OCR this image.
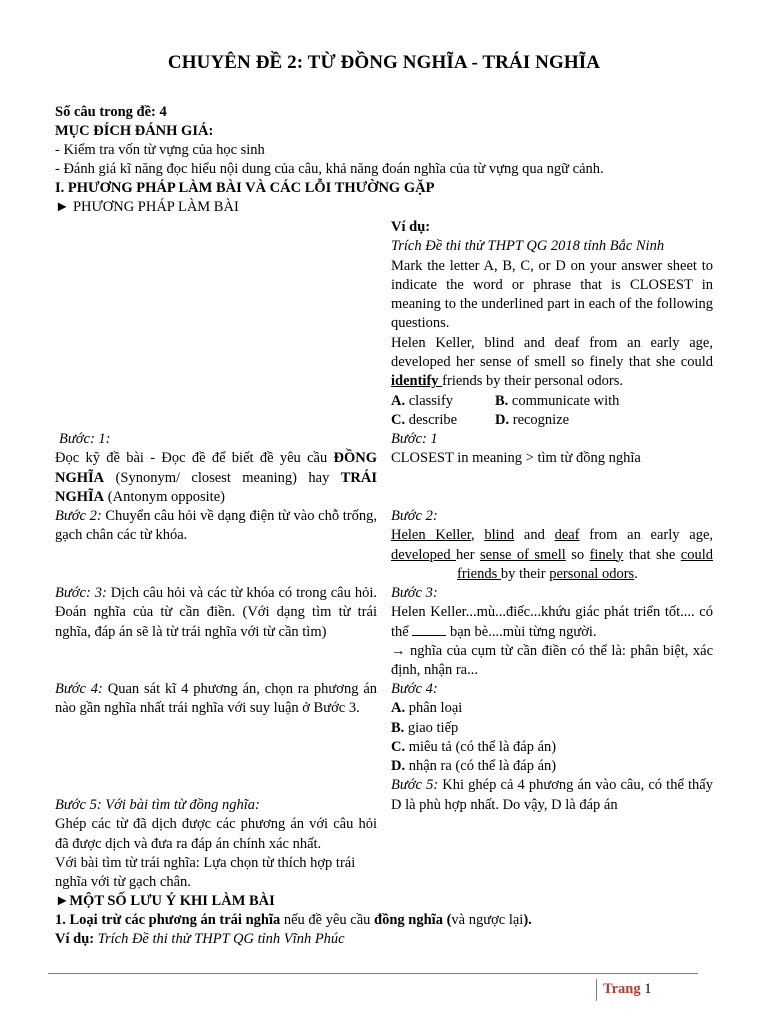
CHUYÊN ĐỀ 2: TỪ ĐỒNG NGHĨA - TRÁI NGHĨA
Số câu trong đề: 4
MỤC ĐÍCH ĐÁNH GIÁ:
- Kiểm tra vốn từ vựng của học sinh
- Đánh giá kĩ năng đọc hiểu nội dung của câu, khả năng đoán nghĩa của từ vựng qua ngữ cảnh.
I. PHƯƠNG PHÁP LÀM BÀI VÀ CÁC LỖI THƯỜNG GẶP
► PHƯƠNG PHÁP LÀM BÀI
Ví dụ:
Trích Đề thi thử THPT QG 2018 tỉnh Bắc Ninh
Mark the letter A, B, C, or D on your answer sheet to indicate the word or phrase that is CLOSEST in meaning to the underlined part in each of the following questions.
Helen Keller, blind and deaf from an early age, developed her sense of smell so finely that she could identify friends by their personal odors.
A. classify	B. communicate with
C. describe	D. recognize
Bước: 1:
Đọc kỹ đề bài - Đọc đề để biết đề yêu cầu ĐỒNG NGHĨA (Synonym/ closest meaning) hay TRÁI NGHĨA (Antonym opposite)
Bước: 1
CLOSEST in meaning > tìm từ đồng nghĩa
Bước 2: Chuyển câu hỏi về dạng điện từ vào chỗ trống, gạch chân các từ khóa.
Bước 2:
Helen Keller, blind and deaf from an early age, developed her sense of smell so finely that she couldfriends by their personal odors.
Bước: 3: Dịch câu hỏi và các từ khóa có trong câu hỏi. Đoán nghĩa của từ cần điền. (Với dạng tìm từ trái nghĩa, đáp án sẽ là từ trái nghĩa với từ cần tìm)
Bước 3:
Helen Keller...mù...điếc...khứu giác phát triển tốt.... có thể  bạn bè....mùi từng người.
→ nghĩa của cụm từ cần điền có thể là: phân biệt, xác định, nhận ra...
Bước 4: Quan sát kĩ 4 phương án, chọn ra phương án nào gần nghĩa nhất trái nghĩa với suy luận ở Bước 3.
Bước 4:
A. phân loại
B. giao tiếp
C. miêu tả (có thể là đáp án)
D. nhận ra (có thể là đáp án)
Bước 5: Khi ghép cả 4 phương án vào câu, có thể thấy D là phù hợp nhất. Do vậy, D là đáp án
Bước 5: Với bài tìm từ đồng nghĩa:
Ghép các từ đã dịch được các phương án với câu hỏi đã được dịch và đưa ra đáp án chính xác nhất.
Với bài tìm từ trái nghĩa: Lựa chọn từ thích hợp trái nghĩa với từ gạch chân.
►MỘT SỐ LƯU Ý KHI LÀM BÀI
1. Loại trừ các phương án trái nghĩa nếu đề yêu cầu đồng nghĩa (và ngược lại).
Ví dụ: Trích Đề thi thử THPT QG tỉnh Vĩnh Phúc
Trang 1
